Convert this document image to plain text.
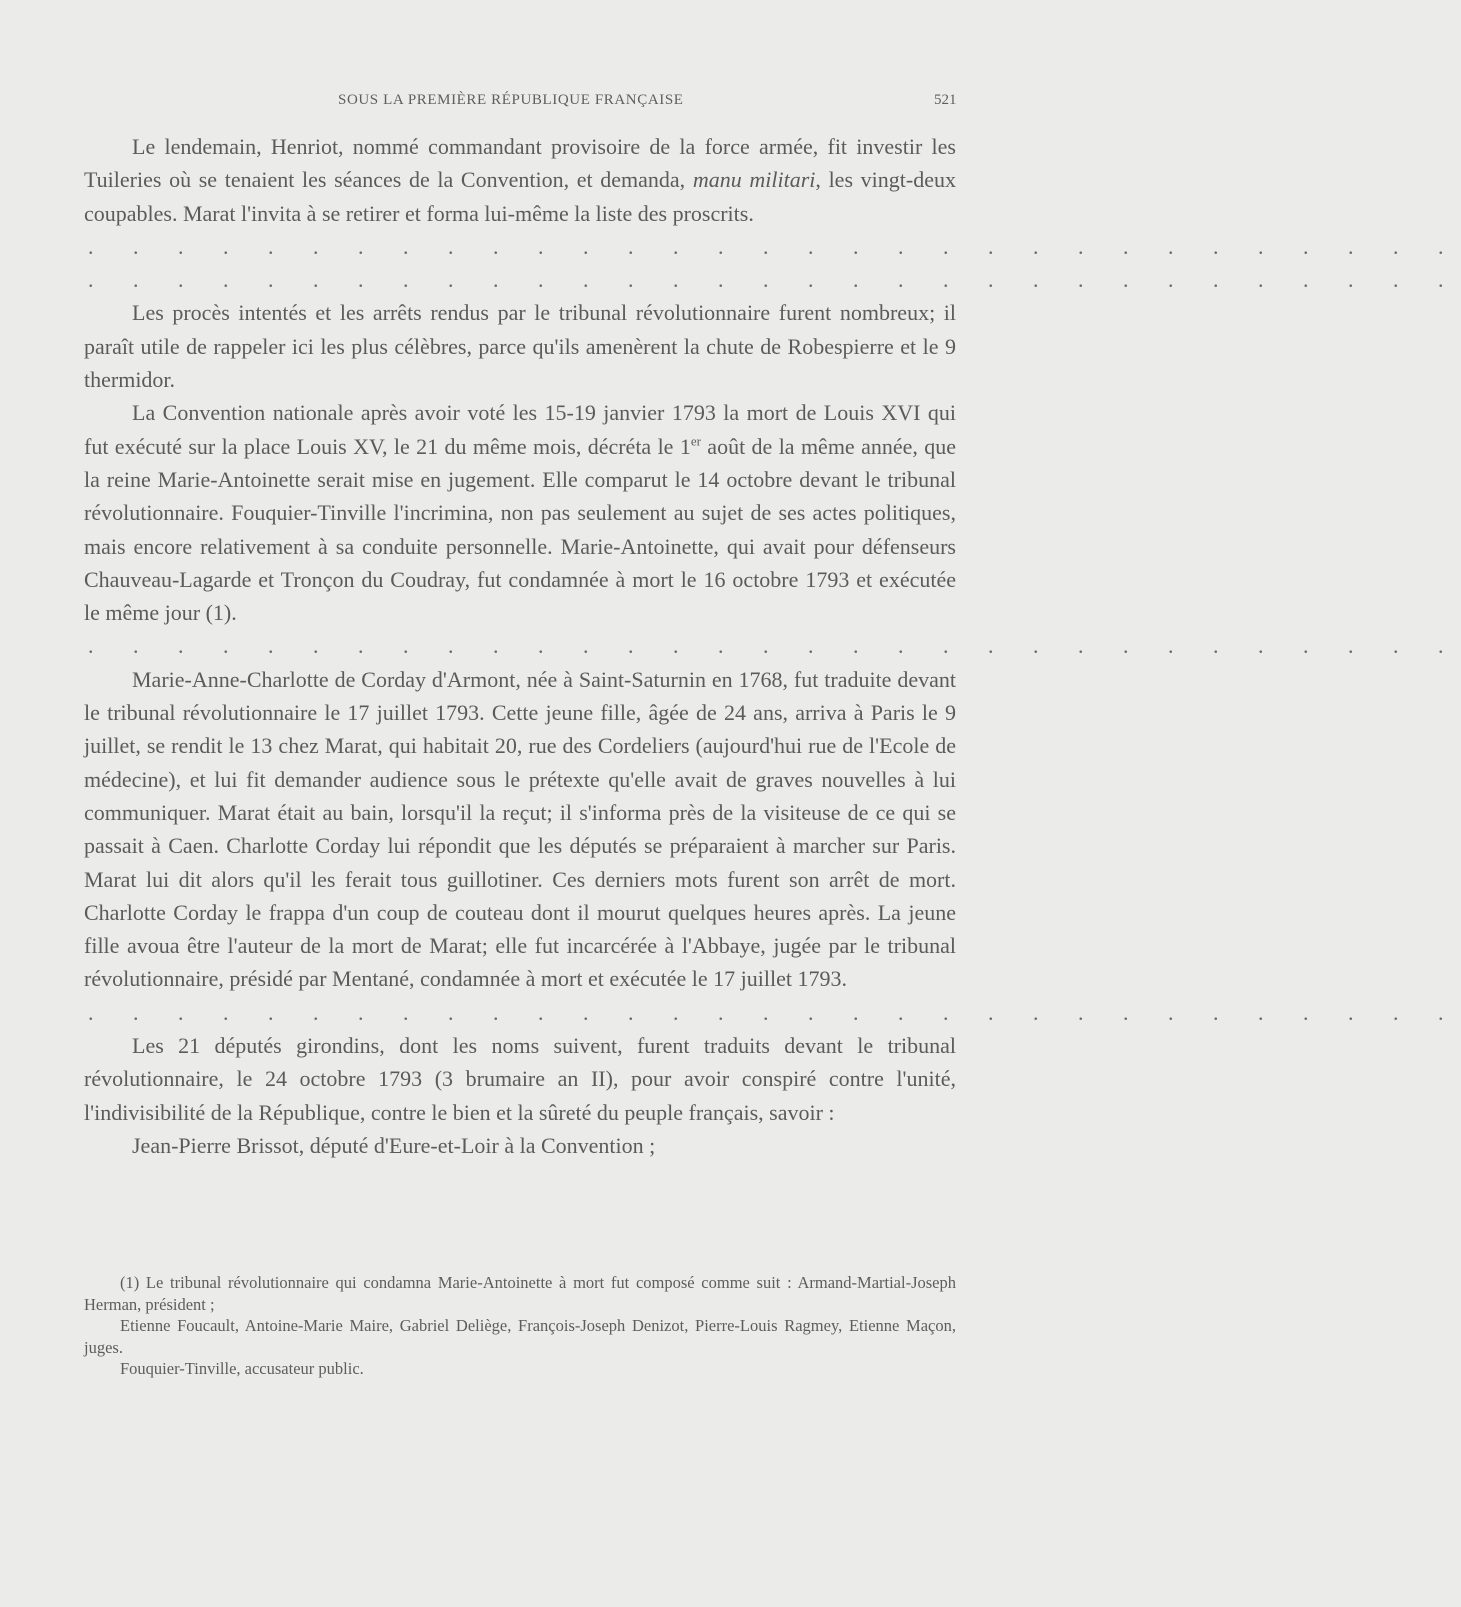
SOUS LA PREMIÈRE RÉPUBLIQUE FRANÇAISE	521

Le lendemain, Henriot, nommé commandant provisoire de la force armée, fit investir les Tuileries où se tenaient les séances de la Convention, et demanda, manu militari, les vingt-deux coupables. Marat l'invita à se retirer et forma lui-même la liste des proscrits.

. . . . . . . . . . . . . . . . . . . . . . . . . . . . . . .
. . . . . . . . . . . . . . . . . . . . . . . . . . . . . . .

Les procès intentés et les arrêts rendus par le tribunal révolutionnaire furent nombreux; il paraît utile de rappeler ici les plus célèbres, parce qu'ils amenèrent la chute de Robespierre et le 9 thermidor.

La Convention nationale après avoir voté les 15-19 janvier 1793 la mort de Louis XVI qui fut exécuté sur la place Louis XV, le 21 du même mois, décréta le 1er août de la même année, que la reine Marie-Antoinette serait mise en jugement. Elle comparut le 14 octobre devant le tribunal révolutionnaire. Fouquier-Tinville l'incrimina, non pas seulement au sujet de ses actes politiques, mais encore relativement à sa conduite personnelle. Marie-Antoinette, qui avait pour défenseurs Chauveau-Lagarde et Tronçon du Coudray, fut condamnée à mort le 16 octobre 1793 et exécutée le même jour (1).

. . . . . . . . . . . . . . . . . . . . . . . . . . . . . . .

Marie-Anne-Charlotte de Corday d'Armont, née à Saint-Saturnin en 1768, fut traduite devant le tribunal révolutionnaire le 17 juillet 1793. Cette jeune fille, âgée de 24 ans, arriva à Paris le 9 juillet, se rendit le 13 chez Marat, qui habitait 20, rue des Cordeliers (aujourd'hui rue de l'Ecole de médecine), et lui fit demander audience sous le prétexte qu'elle avait de graves nouvelles à lui communiquer. Marat était au bain, lorsqu'il la reçut; il s'informa près de la visiteuse de ce qui se passait à Caen. Charlotte Corday lui répondit que les députés se préparaient à marcher sur Paris. Marat lui dit alors qu'il les ferait tous guillotiner. Ces derniers mots furent son arrêt de mort. Charlotte Corday le frappa d'un coup de couteau dont il mourut quelques heures après. La jeune fille avoua être l'auteur de la mort de Marat; elle fut incarcérée à l'Abbaye, jugée par le tribunal révolutionnaire, présidé par Mentané, condamnée à mort et exécutée le 17 juillet 1793.

. . . . . . . . . . . . . . . . . . . . . . . . . . . . . . .

Les 21 députés girondins, dont les noms suivent, furent traduits devant le tribunal révolutionnaire, le 24 octobre 1793 (3 brumaire an II), pour avoir conspiré contre l'unité, l'indivisibilité de la République, contre le bien et la sûreté du peuple français, savoir :

Jean-Pierre Brissot, député d'Eure-et-Loir à la Convention ;

(1) Le tribunal révolutionnaire qui condamna Marie-Antoinette à mort fut composé comme suit : Armand-Martial-Joseph Herman, président ;

Etienne Foucault, Antoine-Marie Maire, Gabriel Deliège, François-Joseph Denizot, Pierre-Louis Ragmey, Etienne Maçon, juges.

Fouquier-Tinville, accusateur public.
